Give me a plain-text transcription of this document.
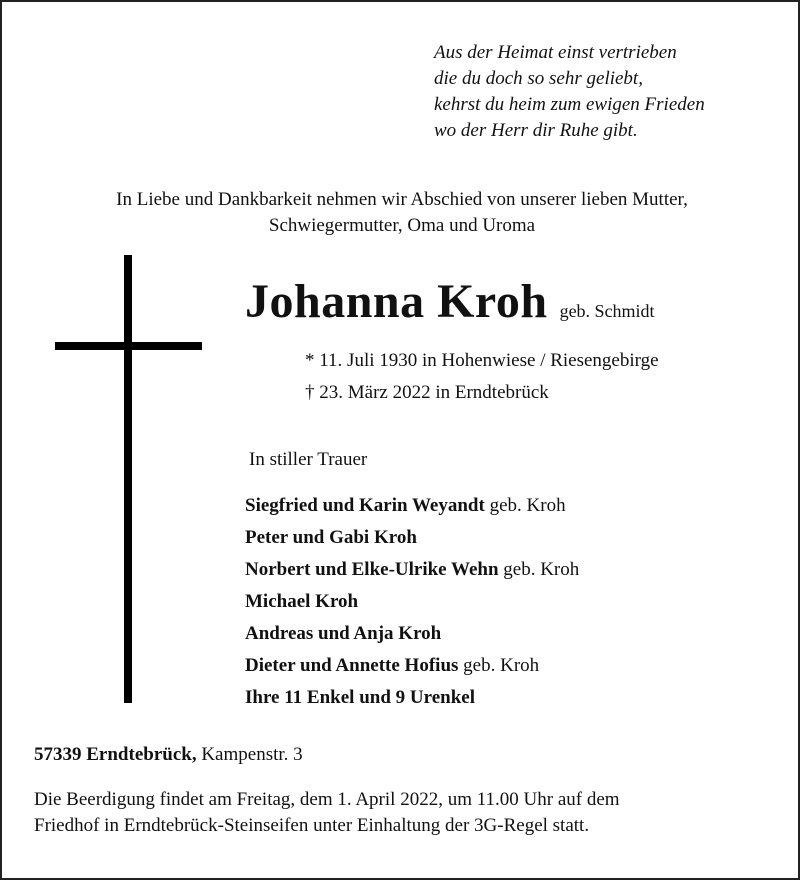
Aus der Heimat einst vertrieben
die du doch so sehr geliebt,
kehrst du heim zum ewigen Frieden
wo der Herr dir Ruhe gibt.
In Liebe und Dankbarkeit nehmen wir Abschied von unserer lieben Mutter,
Schwiegermutter, Oma und Uroma
Johanna Kroh geb. Schmidt
* 11. Juli 1930 in Hohenwiese / Riesengebirge
† 23. März 2022 in Erndtebrück
In stiller Trauer
Siegfried und Karin Weyandt geb. Kroh
Peter und Gabi Kroh
Norbert und Elke-Ulrike Wehn geb. Kroh
Michael Kroh
Andreas und Anja Kroh
Dieter und Annette Hofius geb. Kroh
Ihre 11 Enkel und 9 Urenkel
57339 Erndtebrück, Kampenstr. 3
Die Beerdigung findet am Freitag, dem 1. April 2022, um 11.00 Uhr auf dem
Friedhof in Erndtebrück-Steinseifen unter Einhaltung der 3G-Regel statt.
